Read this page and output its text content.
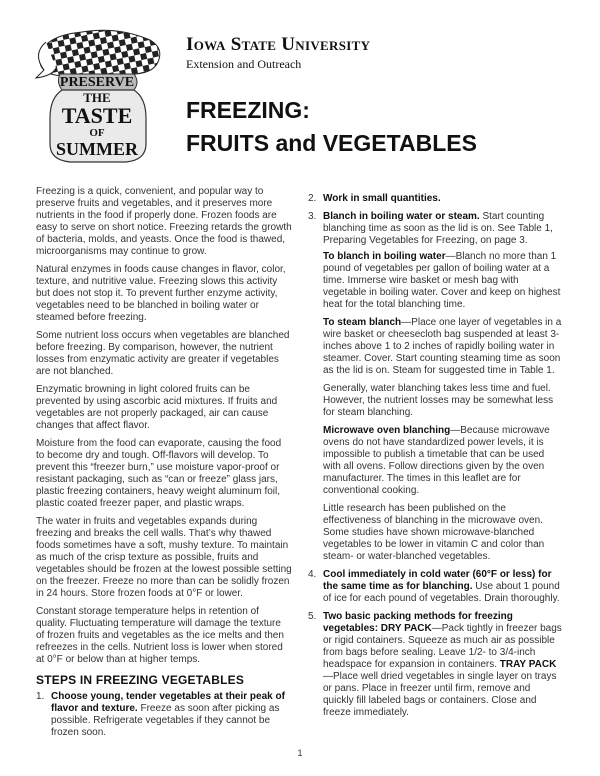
PRESERVE
THE
TASTE
OF
SUMMER
Iowa State University
Extension and Outreach
FREEZING:
FRUITS and VEGETABLES

Freezing is a quick, convenient, and popular way to preserve fruits and vegetables, and it preserves more nutrients in the food if properly done. Frozen foods are easy to serve on short notice. Freezing retards the growth of bacteria, molds, and yeasts. Once the food is thawed, microorganisms may continue to grow.

Natural enzymes in foods cause changes in flavor, color, texture, and nutritive value. Freezing slows this activity but does not stop it. To prevent further enzyme activity, vegetables need to be blanched in boiling water or steamed before freezing.

Some nutrient loss occurs when vegetables are blanched before freezing. By comparison, however, the nutrient losses from enzymatic activity are greater if vegetables are not blanched.

Enzymatic browning in light colored fruits can be prevented by using ascorbic acid mixtures. If fruits and vegetables are not properly packaged, air can cause changes that affect flavor.

Moisture from the food can evaporate, causing the food to become dry and tough. Off-flavors will develop. To prevent this “freezer burn,” use moisture vapor-proof or resistant packaging, such as “can or freeze” glass jars, plastic freezing containers, heavy weight aluminum foil, plastic coated freezer paper, and plastic wraps.

The water in fruits and vegetables expands during freezing and breaks the cell walls. That’s why thawed foods sometimes have a soft, mushy texture. To maintain as much of the crisp texture as possible, fruits and vegetables should be frozen at the lowest possible setting on the freezer. Freeze no more than can be solidly frozen in 24 hours. Store frozen foods at 0°F or lower.

Constant storage temperature helps in retention of quality. Fluctuating temperature will damage the texture of frozen fruits and vegetables as the ice melts and then refreezes in the cells. Nutrient loss is lower when stored at 0°F or below than at higher temps.

STEPS IN FREEZING VEGETABLES
1. Choose young, tender vegetables at their peak of flavor and texture. Freeze as soon after picking as possible. Refrigerate vegetables if they cannot be frozen soon.
2. Work in small quantities.
3. Blanch in boiling water or steam. Start counting blanching time as soon as the lid is on. See Table 1, Preparing Vegetables for Freezing, on page 3.
To blanch in boiling water—Blanch no more than 1 pound of vegetables per gallon of boiling water at a time. Immerse wire basket or mesh bag with vegetable in boiling water. Cover and keep on highest heat for the total blanching time.
To steam blanch—Place one layer of vegetables in a wire basket or cheesecloth bag suspended at least 3-inches above 1 to 2 inches of rapidly boiling water in steamer. Cover. Start counting steaming time as soon as the lid is on. Steam for suggested time in Table 1.
Generally, water blanching takes less time and fuel. However, the nutrient losses may be somewhat less for steam blanching.
Microwave oven blanching—Because microwave ovens do not have standardized power levels, it is impossible to publish a timetable that can be used with all ovens. Follow directions given by the oven manufacturer. The times in this leaflet are for conventional cooking.
Little research has been published on the effectiveness of blanching in the microwave oven. Some studies have shown microwave-blanched vegetables to be lower in vitamin C and color than steam- or water-blanched vegetables.
4. Cool immediately in cold water (60°F or less) for the same time as for blanching. Use about 1 pound of ice for each pound of vegetables. Drain thoroughly.
5. Two basic packing methods for freezing vegetables: DRY PACK—Pack tightly in freezer bags or rigid containers. Squeeze as much air as possible from bags before sealing. Leave 1/2- to 3/4-inch headspace for expansion in containers. TRAY PACK—Place well dried vegetables in single layer on trays or pans. Place in freezer until firm, remove and quickly fill labeled bags or containers. Close and freeze immediately.
1
